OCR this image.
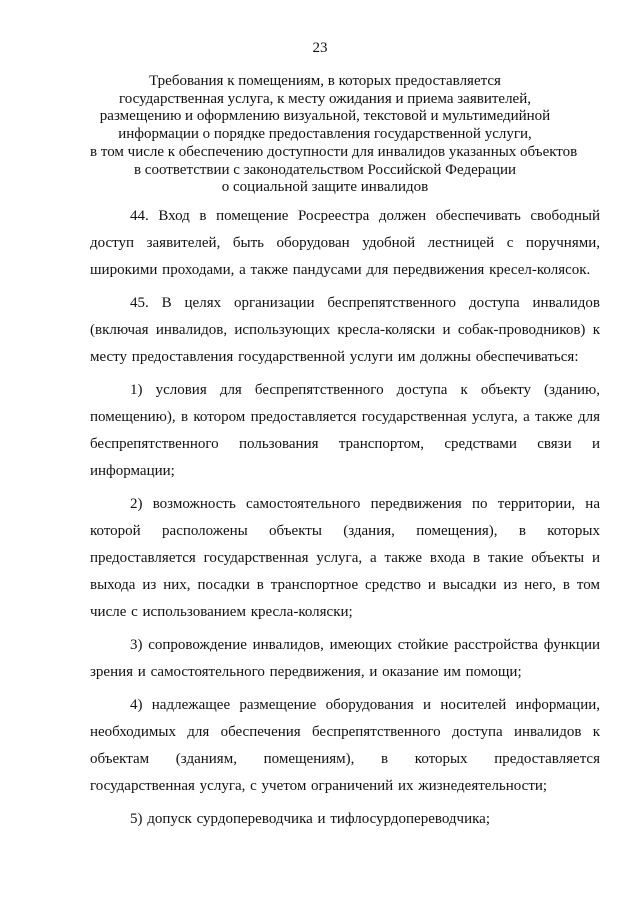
23
Требования к помещениям, в которых предоставляется
государственная услуга, к месту ожидания и приема заявителей,
размещению и оформлению визуальной, текстовой и мультимедийной
информации о порядке предоставления государственной услуги,
в том числе к обеспечению доступности для инвалидов указанных объектов
в соответствии с законодательством Российской Федерации
о социальной защите инвалидов

44. Вход в помещение Росреестра должен обеспечивать свободный доступ заявителей, быть оборудован удобной лестницей с поручнями, широкими проходами, а также пандусами для передвижения кресел-колясок.

45. В целях организации беспрепятственного доступа инвалидов (включая инвалидов, использующих кресла-коляски и собак-проводников) к месту предоставления государственной услуги им должны обеспечиваться:

1) условия для беспрепятственного доступа к объекту (зданию, помещению), в котором предоставляется государственная услуга, а также для беспрепятственного пользования транспортом, средствами связи и информации;

2) возможность самостоятельного передвижения по территории, на которой расположены объекты (здания, помещения), в которых предоставляется государственная услуга, а также входа в такие объекты и выхода из них, посадки в транспортное средство и высадки из него, в том числе с использованием кресла-коляски;

3) сопровождение инвалидов, имеющих стойкие расстройства функции зрения и самостоятельного передвижения, и оказание им помощи;

4) надлежащее размещение оборудования и носителей информации, необходимых для обеспечения беспрепятственного доступа инвалидов к объектам (зданиям, помещениям), в которых предоставляется государственная услуга, с учетом ограничений их жизнедеятельности;

5) допуск сурдопереводчика и тифлосурдопереводчика;
